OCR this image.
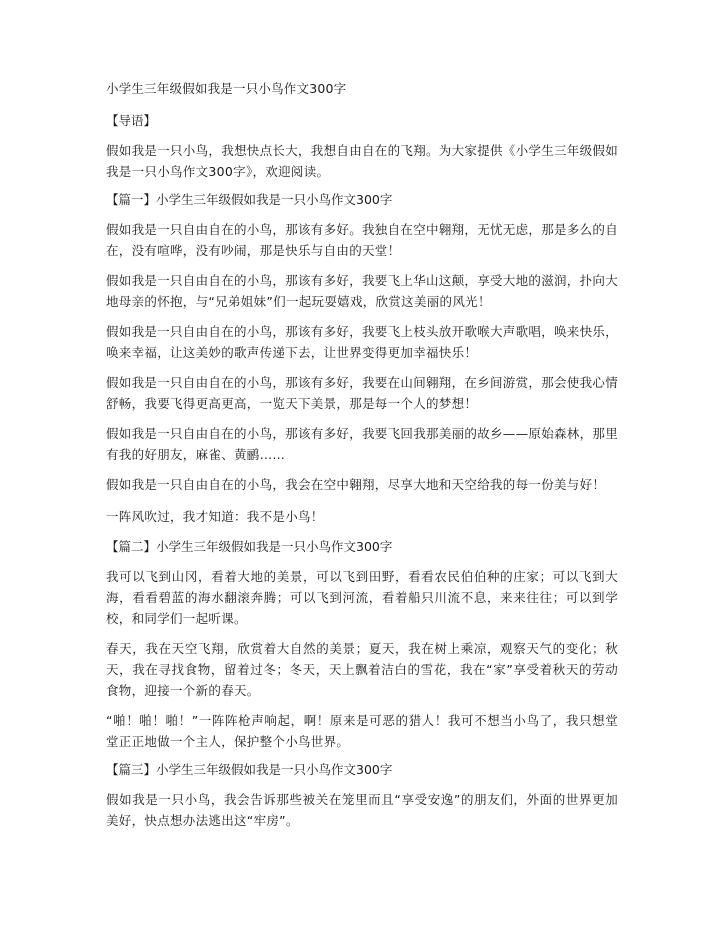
小学生三年级假如我是一只小鸟作文300字
【导语】
假如我是一只小鸟，我想快点长大，我想自由自在的飞翔。为大家提供《小学生三年级假如我是一只小鸟作文300字》，欢迎阅读。
【篇一】小学生三年级假如我是一只小鸟作文300字
假如我是一只自由自在的小鸟，那该有多好。我独自在空中翱翔，无忧无虑，那是多么的自在，没有喧哗，没有吵闹，那是快乐与自由的天堂！
假如我是一只自由自在的小鸟，那该有多好，我要飞上华山这颠，享受大地的滋润，扑向大地母亲的怀抱，与“兄弟姐妹”们一起玩耍嬉戏，欣赏这美丽的风光！
假如我是一只自由自在的小鸟，那该有多好，我要飞上枝头放开歌喉大声歌唱，唤来快乐，唤来幸福，让这美妙的歌声传递下去，让世界变得更加幸福快乐！
假如我是一只自由自在的小鸟，那该有多好，我要在山间翱翔，在乡间游赏，那会使我心情舒畅，我要飞得更高更高，一览天下美景，那是每一个人的梦想！
假如我是一只自由自在的小鸟，那该有多好，我要飞回我那美丽的故乡——原始森林，那里有我的好朋友，麻雀、黄鹂……
假如我是一只自由自在的小鸟，我会在空中翱翔，尽享大地和天空给我的每一份美与好！
一阵风吹过，我才知道：我不是小鸟！
【篇二】小学生三年级假如我是一只小鸟作文300字
我可以飞到山冈，看着大地的美景，可以飞到田野，看看农民伯伯种的庄家；可以飞到大海，看看碧蓝的海水翻滚奔腾；可以飞到河流，看着船只川流不息，来来往往；可以到学校，和同学们一起听课。
春天，我在天空飞翔，欣赏着大自然的美景；夏天，我在树上乘凉，观察天气的变化；秋天，我在寻找食物，留着过冬；冬天，天上飘着洁白的雪花，我在“家”享受着秋天的劳动食物，迎接一个新的春天。
“啪！啪！啪！”一阵阵枪声响起，啊！原来是可恶的猎人！我可不想当小鸟了，我只想堂堂正正地做一个主人，保护整个小鸟世界。
【篇三】小学生三年级假如我是一只小鸟作文300字
假如我是一只小鸟，我会告诉那些被关在笼里而且“享受安逸”的朋友们，外面的世界更加美好，快点想办法逃出这“牢房”。
